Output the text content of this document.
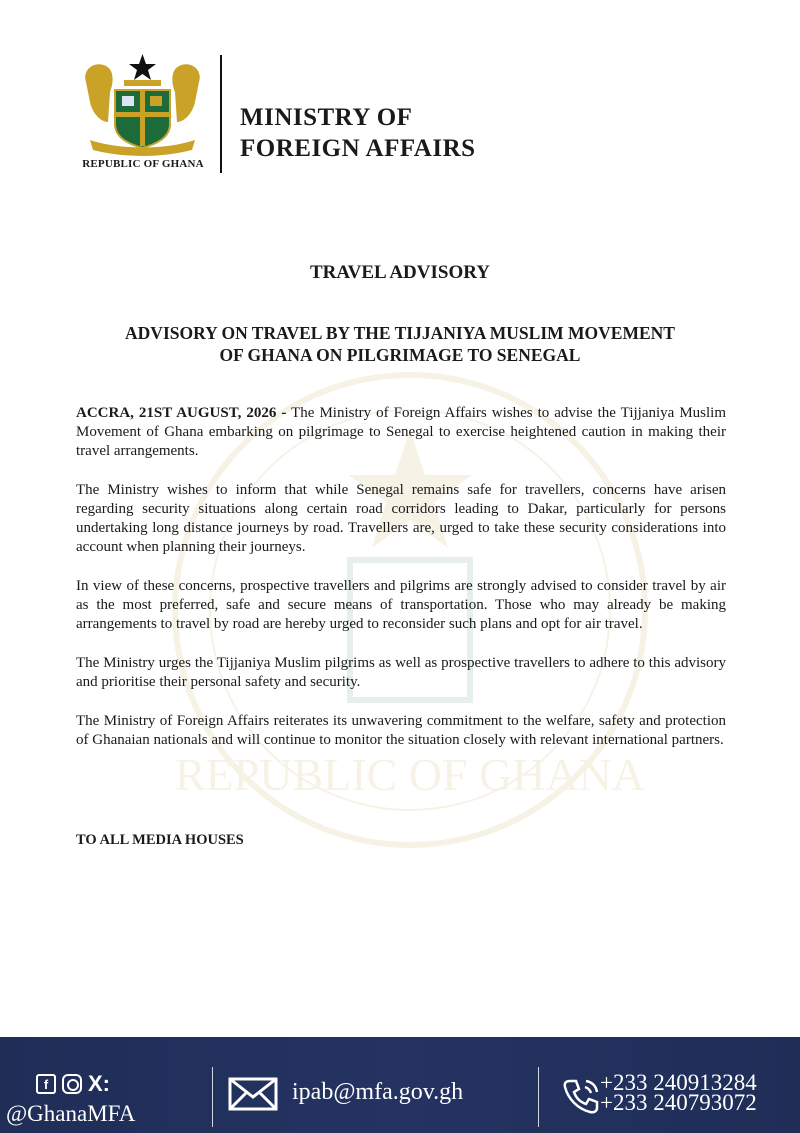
REPUBLIC OF GHANA
REPUBLIC OF GHANA
MINISTRY OF
FOREIGN AFFAIRS
TRAVEL ADVISORY
ADVISORY ON TRAVEL BY THE TIJJANIYA MUSLIM MOVEMENT
OF GHANA ON PILGRIMAGE TO SENEGAL

ACCRA, 21ST AUGUST, 2026 - The Ministry of Foreign Affairs wishes to advise the Tijjaniya Muslim Movement of Ghana embarking on pilgrimage to Senegal to exercise heightened caution in making their travel arrangements.

The Ministry wishes to inform that while Senegal remains safe for travellers, concerns have arisen regarding security situations along certain road corridors leading to Dakar, particularly for persons undertaking long distance journeys by road. Travellers are, urged to take these security considerations into account when planning their journeys.

In view of these concerns, prospective travellers and pilgrims are strongly advised to consider travel by air as the most preferred, safe and secure means of transportation. Those who may already be making arrangements to travel by road are hereby urged to reconsider such plans and opt for air travel.

The Ministry urges the Tijjaniya Muslim pilgrims as well as prospective travellers to adhere to this advisory and prioritise their personal safety and security.

The Ministry of Foreign Affairs reiterates its unwavering commitment to the welfare, safety and protection of Ghanaian nationals and will continue to monitor the situation closely with relevant international partners.

TO ALL MEDIA HOUSES
f	X:
@GhanaMFA
ipab@mfa.gov.gh	+233 240913284
+233 240793072
